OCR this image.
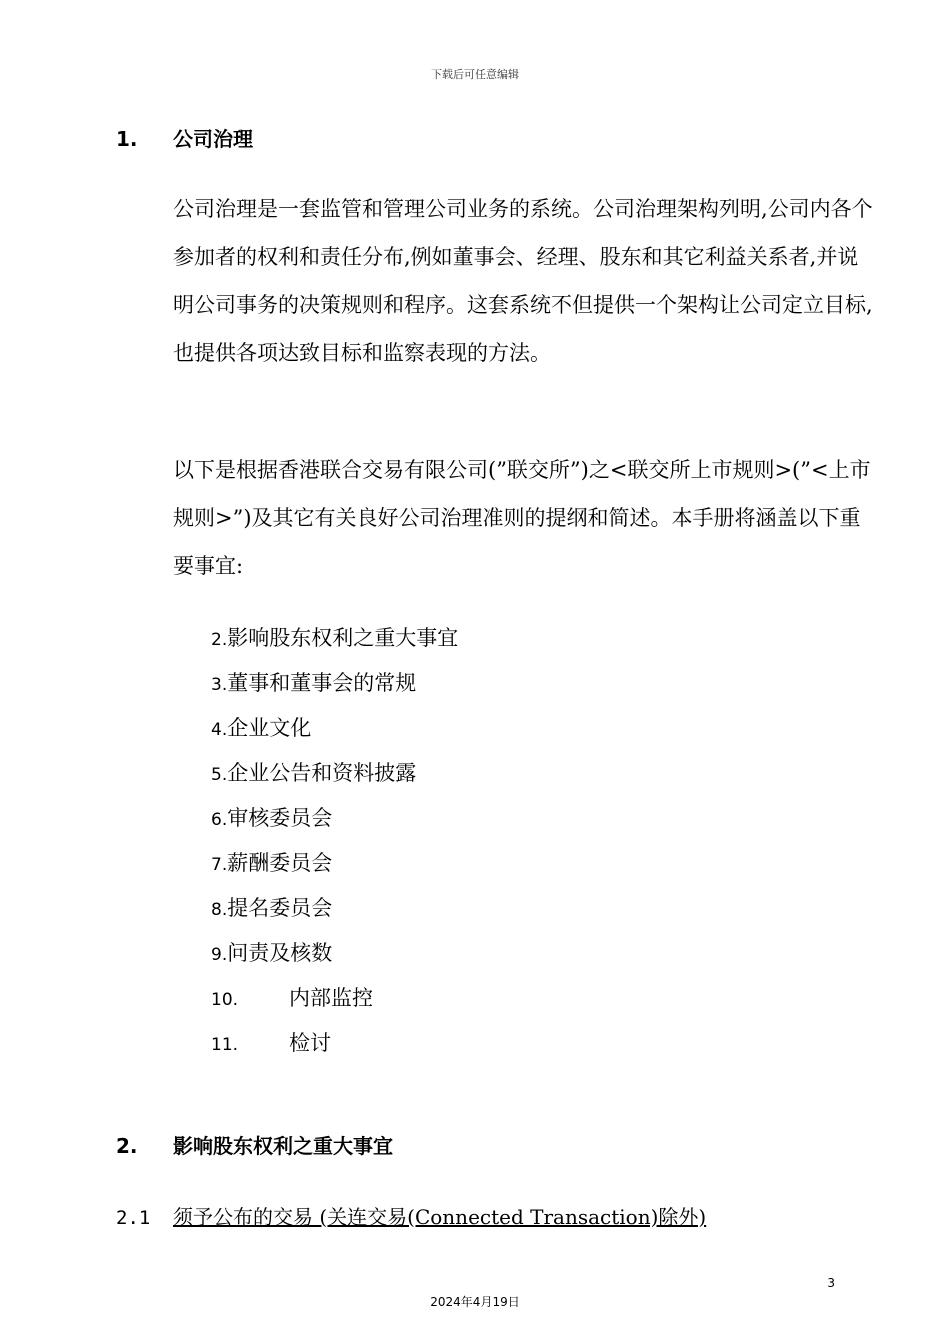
下载后可任意编辑
1. 公司治理

公司治理是一套监管和管理公司业务的系统。公司治理架构列明,公司内各个参加者的权利和责任分布,例如董事会、经理、股东和其它利益关系者,并说明公司事务的决策规则和程序。这套系统不但提供一个架构让公司定立目标,也提供各项达致目标和监察表现的方法。

以下是根据香港联合交易有限公司(”联交所”)之<联交所上市规则>(”<上市规则>”)及其它有关良好公司治理准则的提纲和简述。本手册将涵盖以下重要事宜:

2.影响股东权利之重大事宜
3.董事和董事会的常规
4.企业文化
5.企业公告和资料披露
6.审核委员会
7.薪酬委员会
8.提名委员会
9.问责及核数
10. 内部监控
11. 检讨
2. 影响股东权利之重大事宜
2.1 须予公布的交易 (关连交易(Connected Transaction)除外)
3
2024年4月19日
